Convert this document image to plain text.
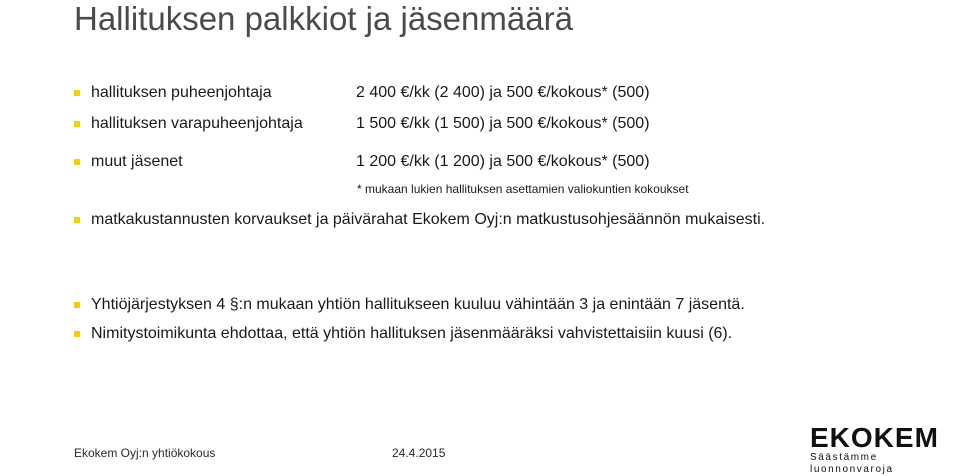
Hallituksen palkkiot ja jäsenmäärä
hallituksen puheenjohtaja	2 400 €/kk (2 400) ja 500 €/kokous* (500)
hallituksen varapuheenjohtaja	1 500 €/kk (1 500) ja 500 €/kokous* (500)
muut jäsenet	1 200 €/kk (1 200) ja 500 €/kokous* (500)
* mukaan lukien hallituksen asettamien valiokuntien kokoukset
matkakustannusten korvaukset ja päivärahat Ekokem Oyj:n matkustusohjesäännön mukaisesti.
Yhtiöjärjestyksen 4 §:n mukaan yhtiön hallitukseen kuuluu vähintään 3 ja enintään 7 jäsentä.
Nimitystoimikunta ehdottaa, että yhtiön hallituksen jäsenmääräksi vahvistettaisiin kuusi (6).
Ekokem Oyj:n yhtiökokous	24.4.2015	EKOKEM
Säästämme luonnonvaroja
